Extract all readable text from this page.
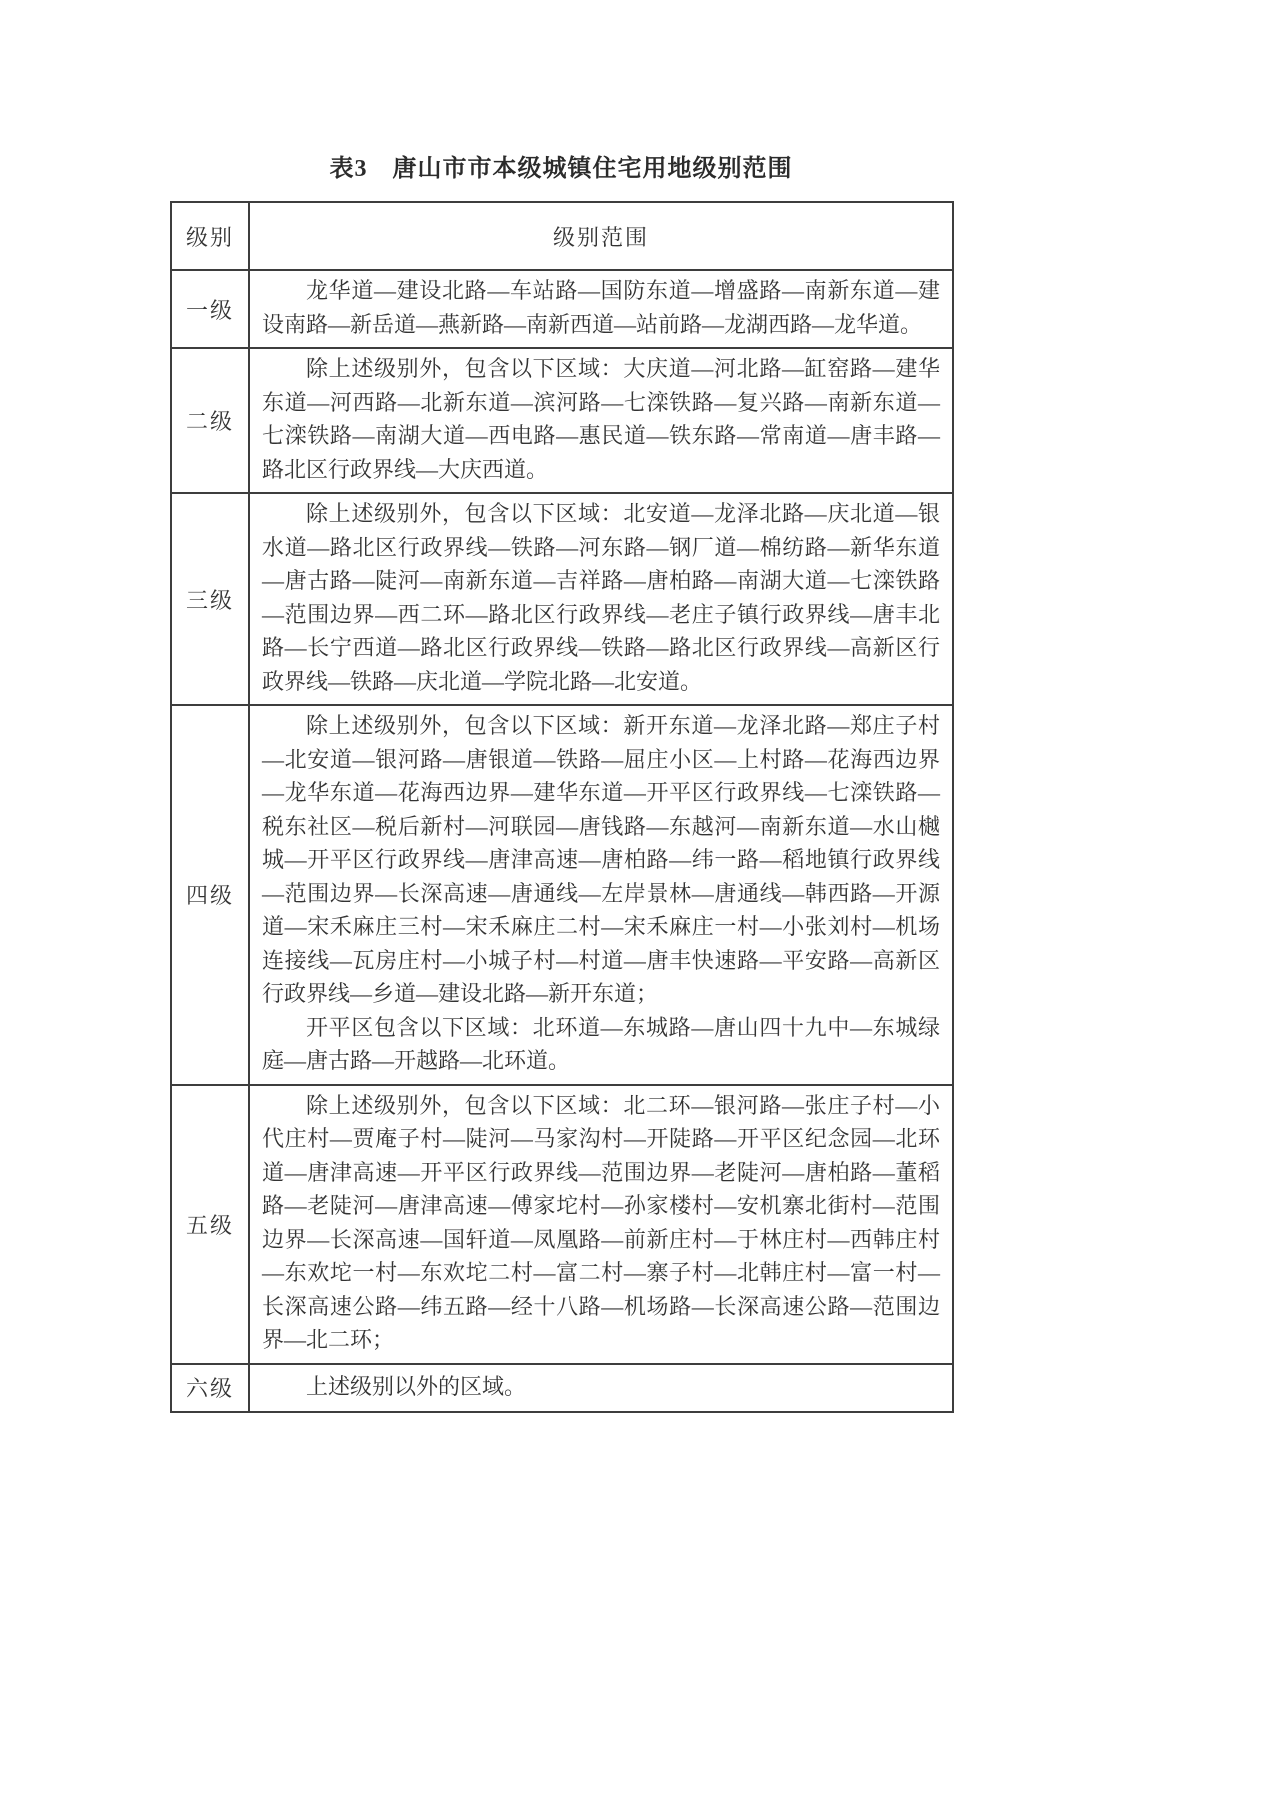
表3　唐山市市本级城镇住宅用地级别范围
级别	级别范围
一级	龙华道—建设北路—车站路—国防东道—增盛路—南新东道—建设南路—新岳道—燕新路—南新西道—站前路—龙湖西路—龙华道。

二级	除上述级别外，包含以下区域：大庆道—河北路—缸窑路—建华东道—河西路—北新东道—滨河路—七滦铁路—复兴路—南新东道—七滦铁路—南湖大道—西电路—惠民道—铁东路—常南道—唐丰路—路北区行政界线—大庆西道。

三级	除上述级别外，包含以下区域：北安道—龙泽北路—庆北道—银水道—路北区行政界线—铁路—河东路—钢厂道—棉纺路—新华东道—唐古路—陡河—南新东道—吉祥路—唐柏路—南湖大道—七滦铁路—范围边界—西二环—路北区行政界线—老庄子镇行政界线—唐丰北路—长宁西道—路北区行政界线—铁路—路北区行政界线—高新区行政界线—铁路—庆北道—学院北路—北安道。

四级	除上述级别外，包含以下区域：新开东道—龙泽北路—郑庄子村—北安道—银河路—唐银道—铁路—屈庄小区—上村路—花海西边界—龙华东道—花海西边界—建华东道—开平区行政界线—七滦铁路—税东社区—税后新村—河联园—唐钱路—东越河—南新东道—水山樾城—开平区行政界线—唐津高速—唐柏路—纬一路—稻地镇行政界线—范围边界—长深高速—唐通线—左岸景林—唐通线—韩西路—开源道—宋禾麻庄三村—宋禾麻庄二村—宋禾麻庄一村—小张刘村—机场连接线—瓦房庄村—小城子村—村道—唐丰快速路—平安路—高新区行政界线—乡道—建设北路—新开东道；

开平区包含以下区域：北环道—东城路—唐山四十九中—东城绿庭—唐古路—开越路—北环道。

五级	除上述级别外，包含以下区域：北二环—银河路—张庄子村—小代庄村—贾庵子村—陡河—马家沟村—开陡路—开平区纪念园—北环道—唐津高速—开平区行政界线—范围边界—老陡河—唐柏路—董稻路—老陡河—唐津高速—傅家坨村—孙家楼村—安机寨北街村—范围边界—长深高速—国轩道—凤凰路—前新庄村—于林庄村—西韩庄村—东欢坨一村—东欢坨二村—富二村—寨子村—北韩庄村—富一村—长深高速公路—纬五路—经十八路—机场路—长深高速公路—范围边界—北二环；

六级	上述级别以外的区域。
